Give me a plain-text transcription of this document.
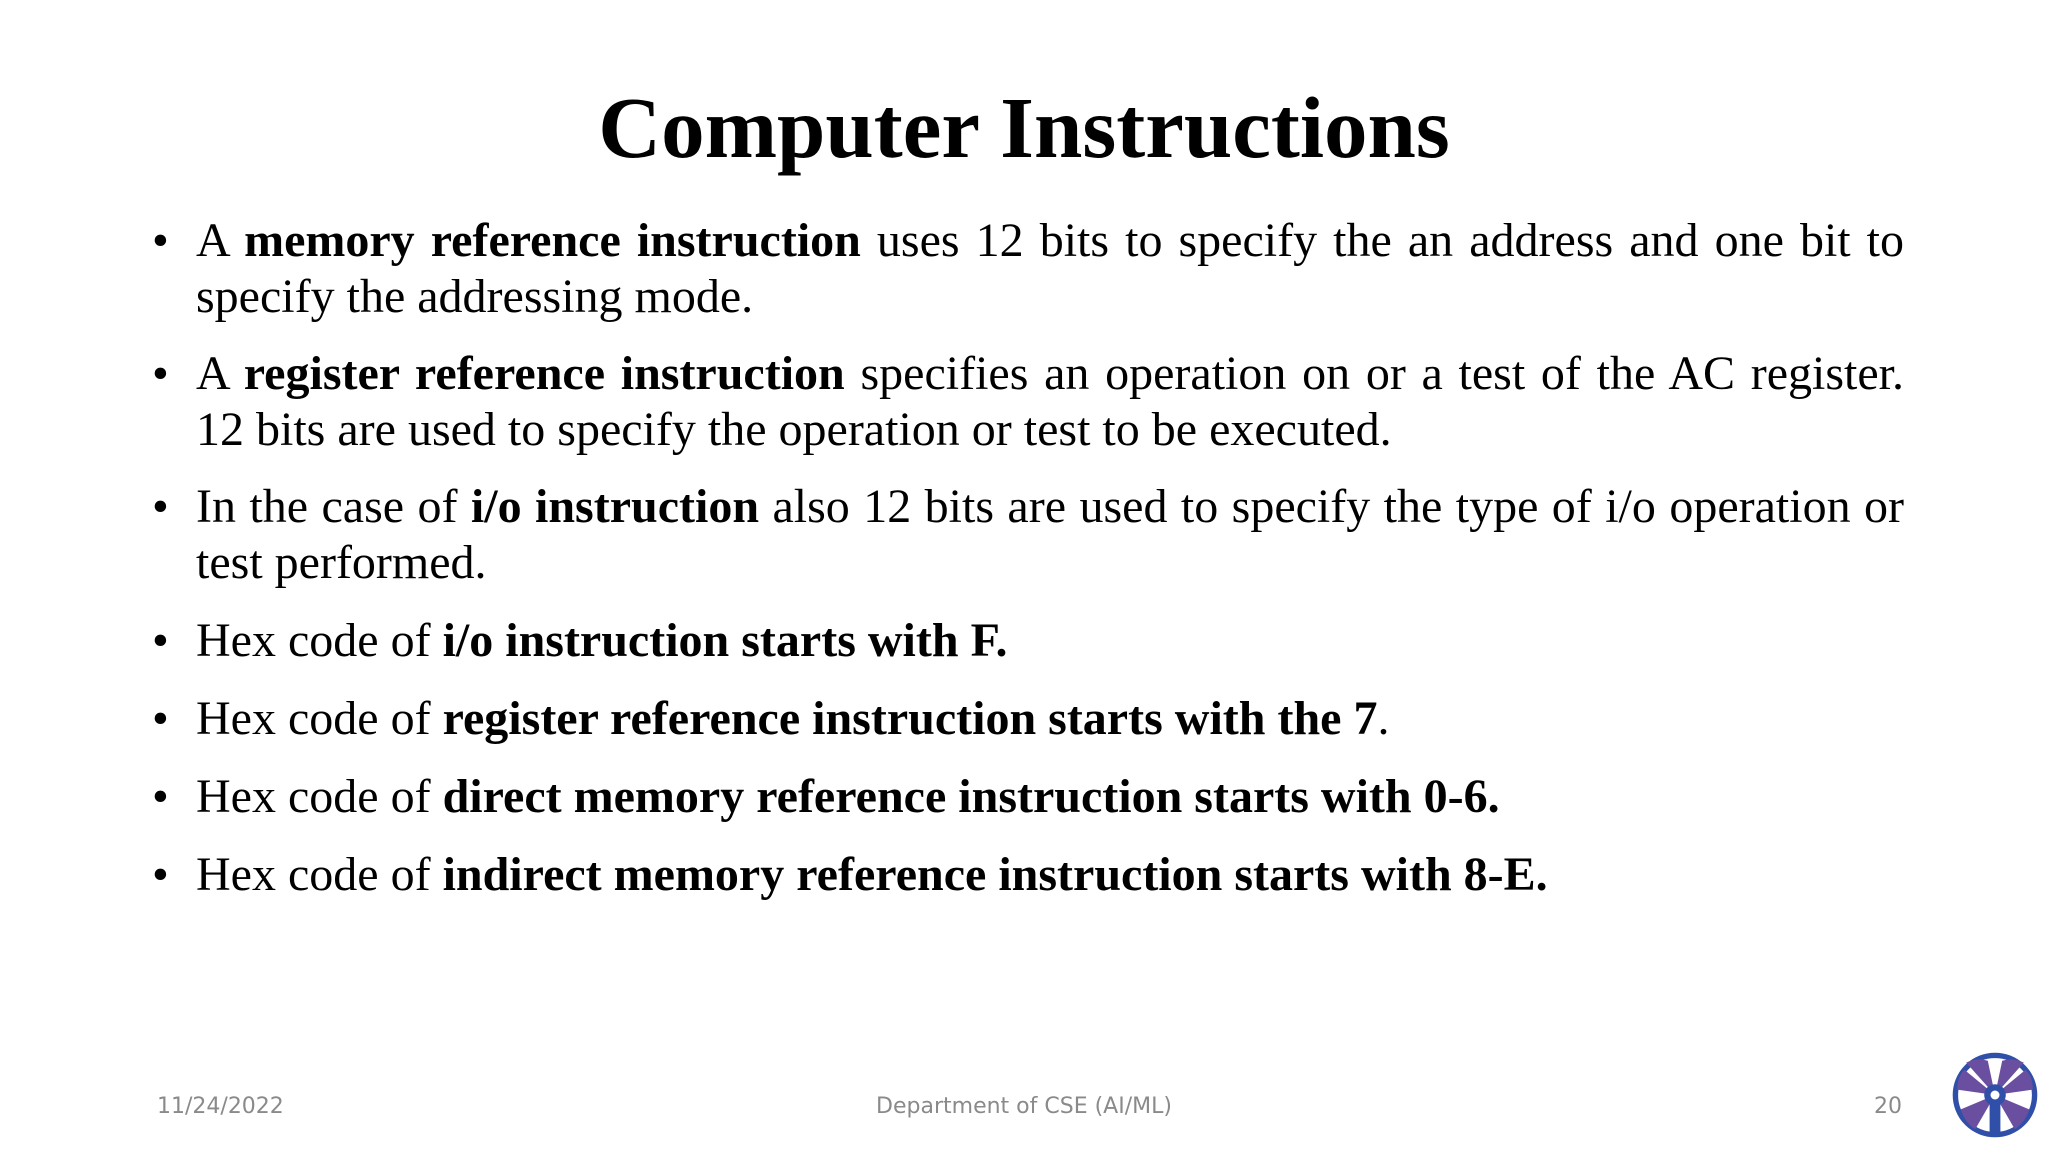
Computer Instructions
• A memory reference instruction uses 12 bits to specify the an address and one bit to specify the addressing mode.
• A register reference instruction specifies an operation on or a test of the AC register. 12 bits are used to specify the operation or test to be executed.
• In the case of i/o instruction also 12 bits are used to specify the type of i/o operation or test performed.
• Hex code of i/o instruction starts with F.
• Hex code of register reference instruction starts with the 7.
• Hex code of direct memory reference instruction starts with 0-6.
• Hex code of indirect memory reference instruction starts with 8-E.
11/24/2022	Department of CSE (AI/ML)	20
